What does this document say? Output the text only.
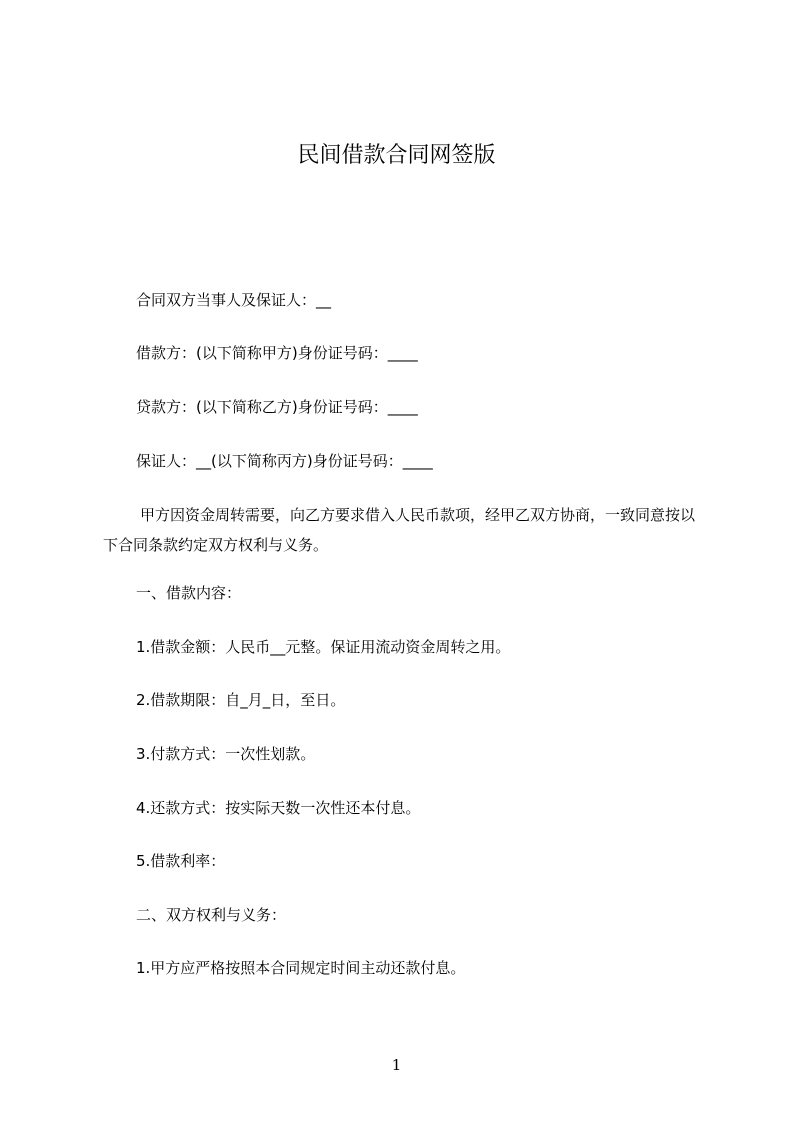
民间借款合同网签版
合同双方当事人及保证人：__
借款方：(以下简称甲方)身份证号码：____
贷款方：(以下简称乙方)身份证号码：____
保证人：__(以下简称丙方)身份证号码：____
甲方因资金周转需要，向乙方要求借入人民币款项，经甲乙双方协商，一致同意按以下合同条款约定双方权利与义务。
一、借款内容：
1.借款金额：人民币__元整。保证用流动资金周转之用。
2.借款期限：自_月_日，至日。
3.付款方式：一次性划款。
4.还款方式：按实际天数一次性还本付息。
5.借款利率：
二、双方权利与义务：
1.甲方应严格按照本合同规定时间主动还款付息。
1
